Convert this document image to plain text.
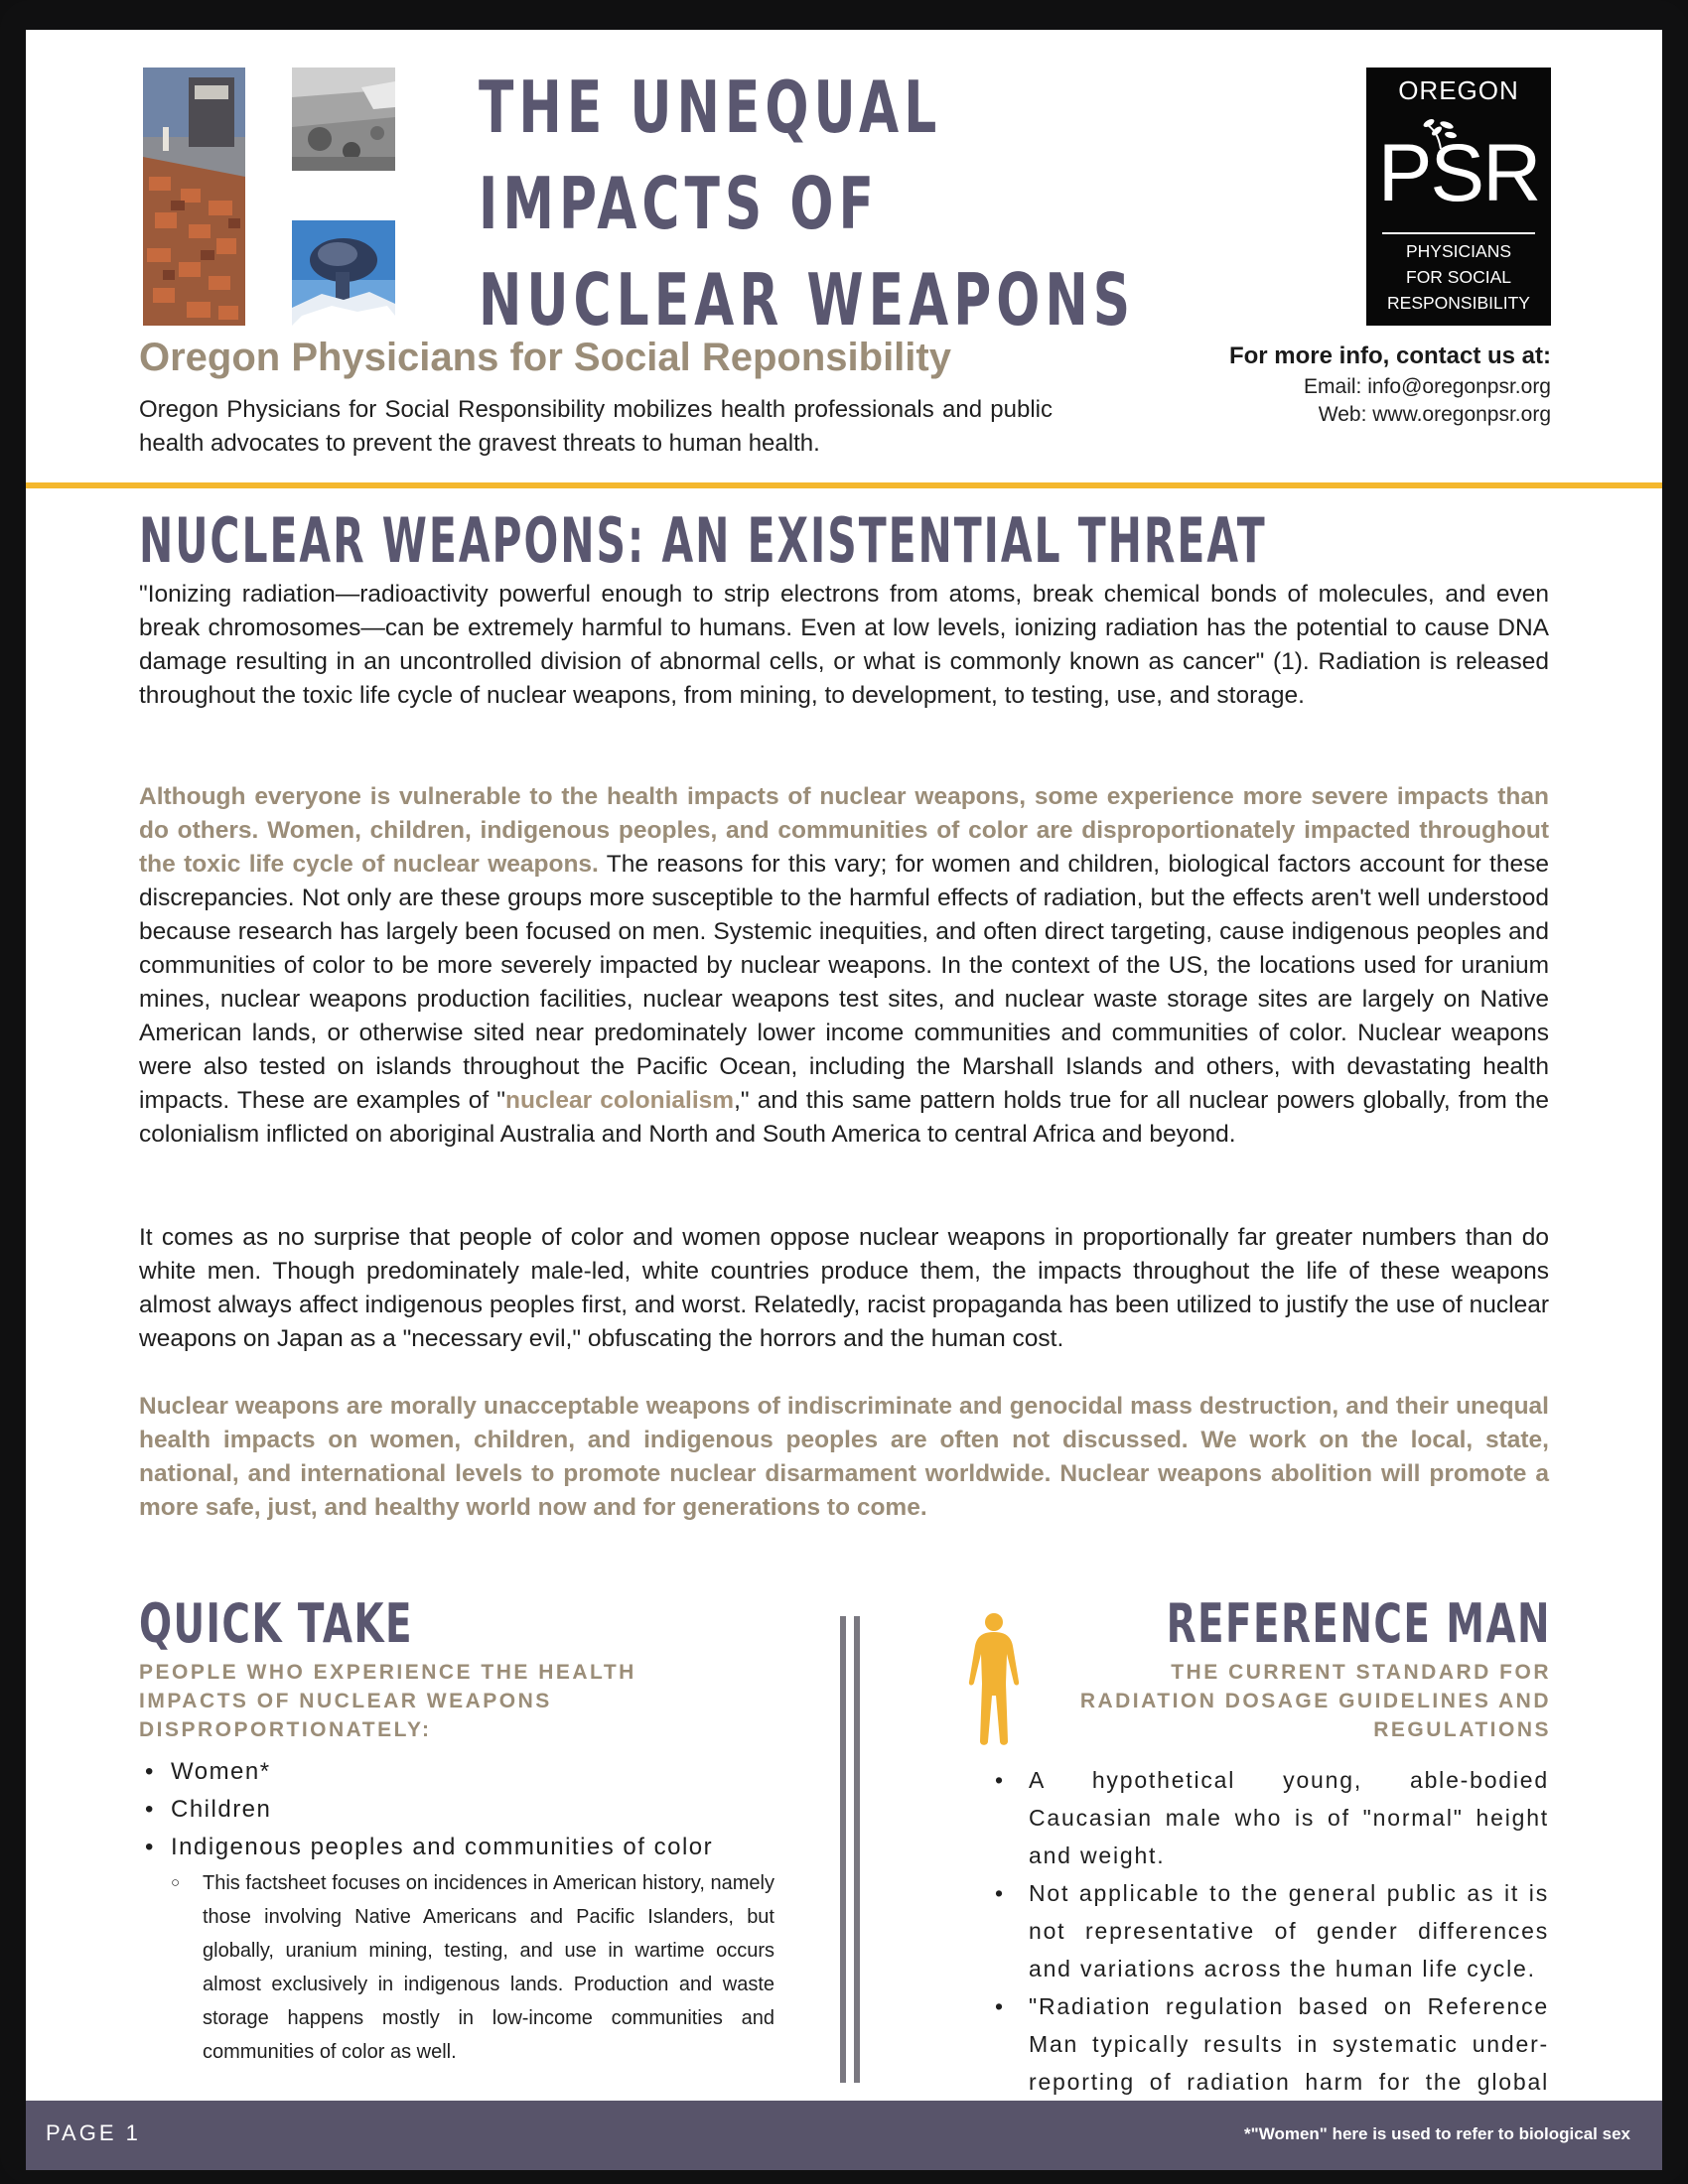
THE UNEQUAL
IMPACTS OF
NUCLEAR WEAPONS
OREGON
PSR
PHYSICIANS
FOR SOCIAL
RESPONSIBILITY
Oregon Physicians for Social Reponsibility
Oregon Physicians for Social Responsibility mobilizes health professionals and public health advocates to prevent the gravest threats to human health.
For more info, contact us at:
Email: info@oregonpsr.org
Web: www.oregonpsr.org
NUCLEAR WEAPONS: AN EXISTENTIAL THREAT
"Ionizing radiation—radioactivity powerful enough to strip electrons from atoms, break chemical bonds of molecules, and even break chromosomes—can be extremely harmful to humans. Even at low levels, ionizing radiation has the potential to cause DNA damage resulting in an uncontrolled division of abnormal cells, or what is commonly known as cancer" (1). Radiation is released throughout the toxic life cycle of nuclear weapons, from mining, to development, to testing, use, and storage.
Although everyone is vulnerable to the health impacts of nuclear weapons, some experience more severe impacts than do others. Women, children, indigenous peoples, and communities of color are disproportionately impacted throughout the toxic life cycle of nuclear weapons. The reasons for this vary; for women and children, biological factors account for these discrepancies. Not only are these groups more susceptible to the harmful effects of radiation, but the effects aren't well understood because research has largely been focused on men. Systemic inequities, and often direct targeting, cause indigenous peoples and communities of color to be more severely impacted by nuclear weapons. In the context of the US, the locations used for uranium mines, nuclear weapons production facilities, nuclear weapons test sites, and nuclear waste storage sites are largely on Native American lands, or otherwise sited near predominately lower income communities and communities of color. Nuclear weapons were also tested on islands throughout the Pacific Ocean, including the Marshall Islands and others, with devastating health impacts. These are examples of "nuclear colonialism," and this same pattern holds true for all nuclear powers globally, from the colonialism inflicted on aboriginal Australia and North and South America to central Africa and beyond.
It comes as no surprise that people of color and women oppose nuclear weapons in proportionally far greater numbers than do white men. Though predominately male-led, white countries produce them, the impacts throughout the life of these weapons almost always affect indigenous peoples first, and worst. Relatedly, racist propaganda has been utilized to justify the use of nuclear weapons on Japan as a "necessary evil," obfuscating the horrors and the human cost.
Nuclear weapons are morally unacceptable weapons of indiscriminate and genocidal mass destruction, and their unequal health impacts on women, children, and indigenous peoples are often not discussed. We work on the local, state, national, and international levels to promote nuclear disarmament worldwide. Nuclear weapons abolition will promote a more safe, just, and healthy world now and for generations to come.
QUICK TAKE
PEOPLE WHO EXPERIENCE THE HEALTH IMPACTS OF NUCLEAR WEAPONS DISPROPORTIONATELY:
• Women*
• Children
• Indigenous peoples and communities of color
○ This factsheet focuses on incidences in American history, namely those involving Native Americans and Pacific Islanders, but globally, uranium mining, testing, and use in wartime occurs almost exclusively in indigenous lands. Production and waste storage happens mostly in low-income communities and communities of color as well.
REFERENCE MAN
THE CURRENT STANDARD FOR
RADIATION DOSAGE GUIDELINES AND
REGULATIONS
• A hypothetical young, able-bodied Caucasian male who is of "normal" height and weight.
• Not applicable to the general public as it is not representative of gender differences and variations across the human life cycle.
• "Radiation regulation based on Reference Man typically results in systematic under-reporting of radiation harm for the global
PAGE 1	*"Women" here is used to refer to biological sex
